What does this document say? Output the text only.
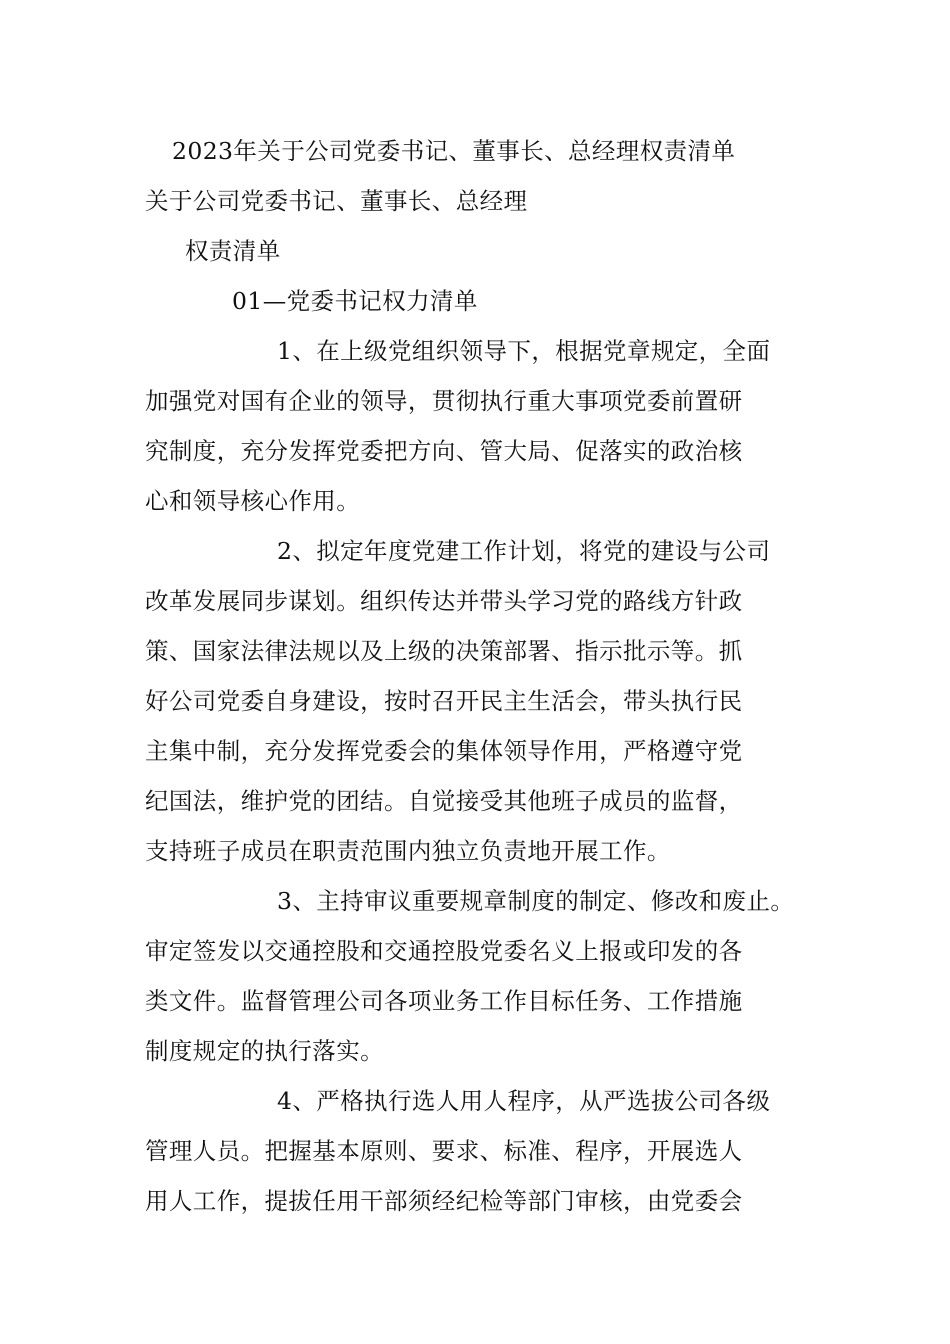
2023年关于公司党委书记、董事长、总经理权责清单
关于公司党委书记、董事长、总经理
权责清单
01—党委书记权力清单
1、在上级党组织领导下，根据党章规定，全面
加强党对国有企业的领导，贯彻执行重大事项党委前置研
究制度，充分发挥党委把方向、管大局、促落实的政治核
心和领导核心作用。
2、拟定年度党建工作计划，将党的建设与公司
改革发展同步谋划。组织传达并带头学习党的路线方针政
策、国家法律法规以及上级的决策部署、指示批示等。抓
好公司党委自身建设，按时召开民主生活会，带头执行民
主集中制，充分发挥党委会的集体领导作用，严格遵守党
纪国法，维护党的团结。自觉接受其他班子成员的监督，
支持班子成员在职责范围内独立负责地开展工作。
3、主持审议重要规章制度的制定、修改和废止。
审定签发以交通控股和交通控股党委名义上报或印发的各
类文件。监督管理公司各项业务工作目标任务、工作措施
制度规定的执行落实。
4、严格执行选人用人程序，从严选拔公司各级
管理人员。把握基本原则、要求、标准、程序，开展选人
用人工作，提拔任用干部须经纪检等部门审核，由党委会
